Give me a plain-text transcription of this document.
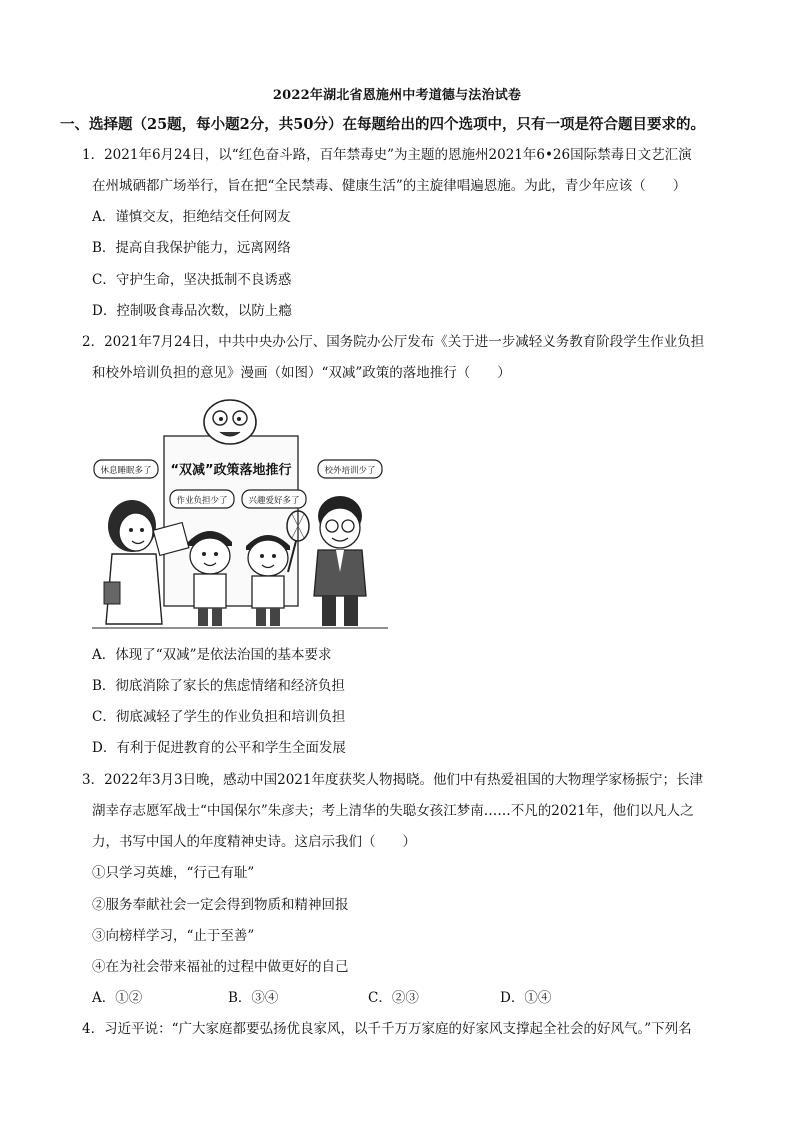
2022年湖北省恩施州中考道德与法治试卷
一、选择题（25题，每小题2分，共50分）在每题给出的四个选项中，只有一项是符合题目要求的。
1．2021年6月24日，以“红色奋斗路，百年禁毒史”为主题的恩施州2021年6•26国际禁毒日文艺汇演
在州城硒都广场举行，旨在把“全民禁毒、健康生活”的主旋律唱遍恩施。为此，青少年应该（　　）
A．谨慎交友，拒绝结交任何网友
B．提高自我保护能力，远离网络
C．守护生命，坚决抵制不良诱惑
D．控制吸食毒品次数，以防上瘾
2．2021年7月24日，中共中央办公厅、国务院办公厅发布《关于进一步减轻义务教育阶段学生作业负担
和校外培训负担的意见》漫画（如图）“双减”政策的落地推行（　　）
“双减”政策落地推行
休息睡眠多了	校外培训少了
作业负担少了 兴趣爱好多了
A．体现了“双减”是依法治国的基本要求
B．彻底消除了家长的焦虑情绪和经济负担
C．彻底减轻了学生的作业负担和培训负担
D．有利于促进教育的公平和学生全面发展
3．2022年3月3日晚，感动中国2021年度获奖人物揭晓。他们中有热爱祖国的大物理学家杨振宁；长津
湖幸存志愿军战士“中国保尔”朱彦夫；考上清华的失聪女孩江梦南……不凡的2021年，他们以凡人之
力，书写中国人的年度精神史诗。这启示我们（　　）
①只学习英雄，“行己有耻”
②服务奉献社会一定会得到物质和精神回报
③向榜样学习，“止于至善”
④在为社会带来福祉的过程中做更好的自己
A．①②	B．③④	C．②③	D．①④
4．习近平说：“广大家庭都要弘扬优良家风，以千千万万家庭的好家风支撑起全社会的好风气。”下列名
